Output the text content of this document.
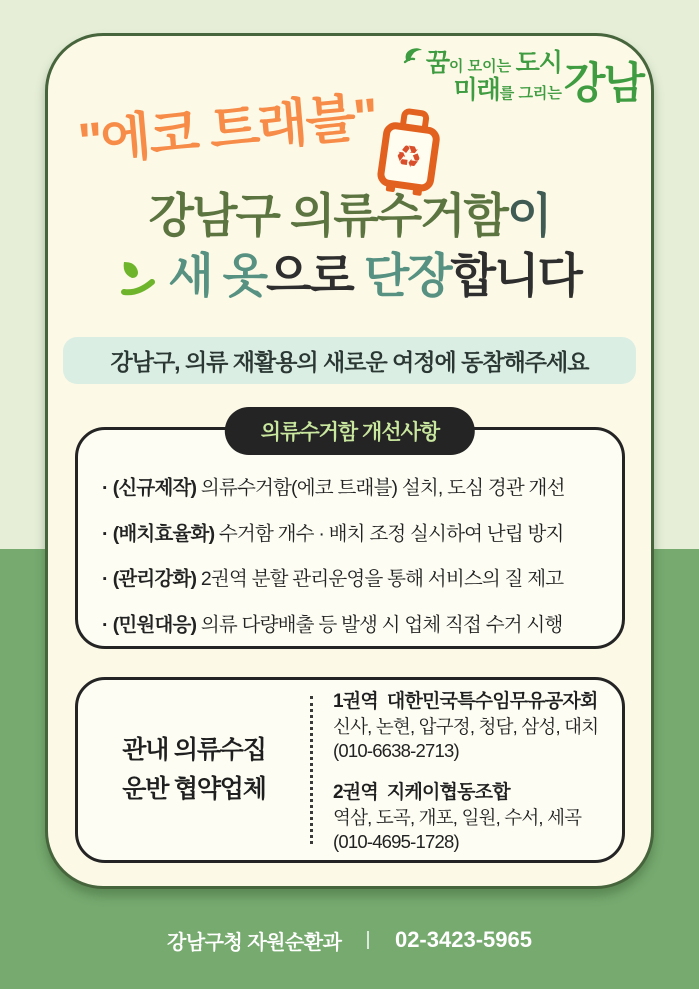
꿈이 모이는 도시
미래를 그리는 강남
"에코 트래블" ♻
강남구 의류수거함이
새 옷으로 단장합니다
강남구, 의류 재활용의 새로운 여정에 동참해주세요
의류수거함 개선사항
· (신규제작) 의류수거함(에코 트래블) 설치, 도심 경관 개선
· (배치효율화) 수거함 개수 · 배치 조정 실시하여 난립 방지
· (관리강화) 2권역 분할 관리운영을 통해 서비스의 질 제고
· (민원대응) 의류 다량배출 등 발생 시 업체 직접 수거 시행
관내 의류수집
운반 협약업체
1권역 대한민국특수임무유공자회
신사, 논현, 압구정, 청담, 삼성, 대치
(010-6638-2713)
2권역 지케이협동조합
역삼, 도곡, 개포, 일원, 수서, 세곡
(010-4695-1728)
강남구청 자원순환과 02-3423-5965
